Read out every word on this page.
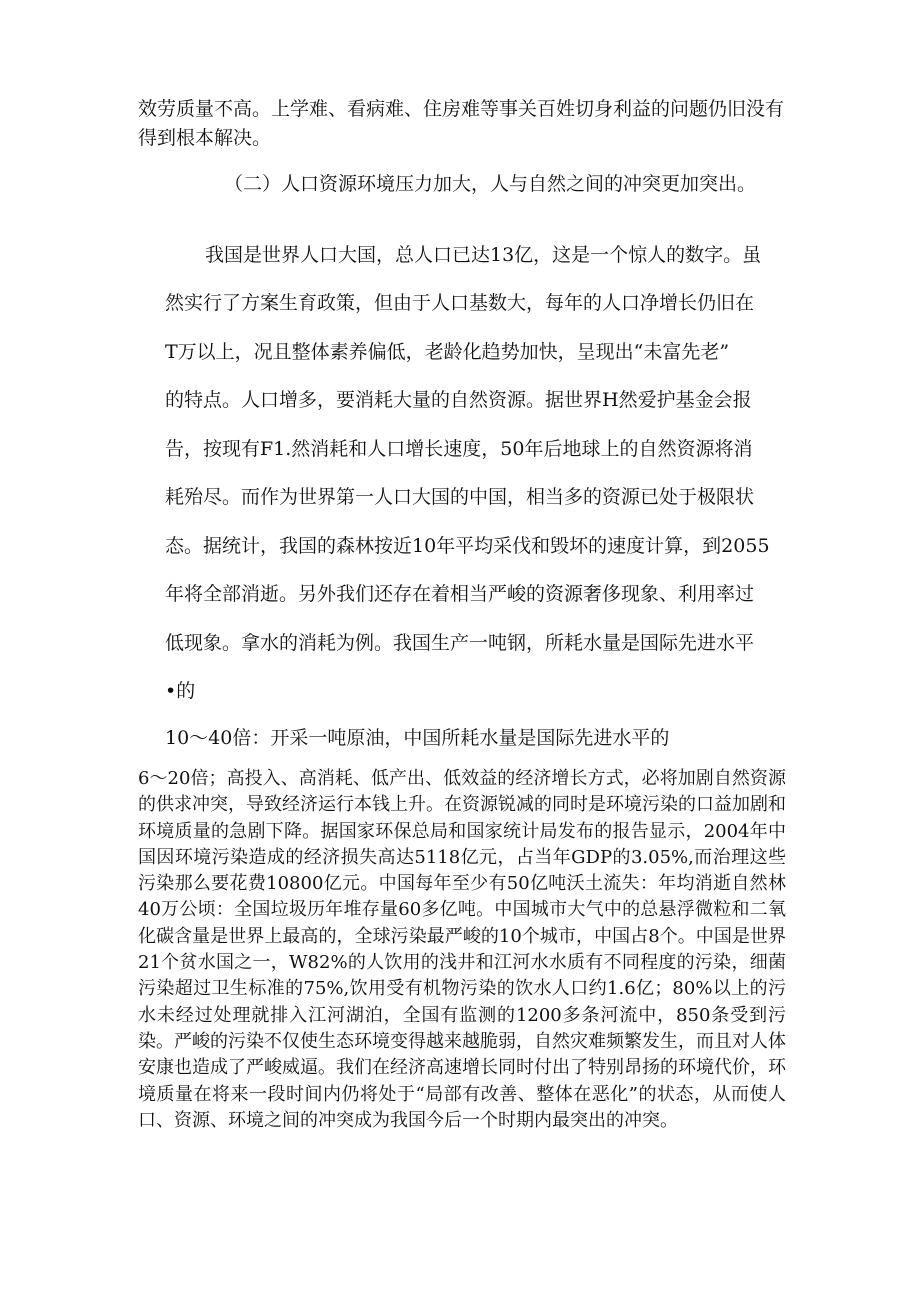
效劳质量不高。上学难、看病难、住房难等事关百姓切身利益的问题仍旧没有得到根本解决。

（二）人口资源环境压力加大，人与自然之间的冲突更加突出。

我国是世界人口大国，总人口已达13亿，这是一个惊人的数字。虽
然实行了方案生育政策，但由于人口基数大，每年的人口净增长仍旧在
T万以上，况且整体素养偏低，老龄化趋势加快，呈现出“未富先老”
的特点。人口增多，要消耗大量的自然资源。据世界H然爱护基金会报
告，按现有F1.然消耗和人口增长速度，50年后地球上的自然资源将消
耗殆尽。而作为世界第一人口大国的中国，相当多的资源已处于极限状
态。据统计，我国的森林按近10年平均采伐和毁坏的速度计算，到2055
年将全部消逝。另外我们还存在着相当严峻的资源奢侈现象、利用率过
低现象。拿水的消耗为例。我国生产一吨钢，所耗水量是国际先进水平
•的
10～40倍：开采一吨原油，中国所耗水量是国际先进水平的

6～20倍；高投入、高消耗、低产出、低效益的经济增长方式，必将加剧自然资源的供求冲突，导致经济运行本钱上升。在资源锐减的同时是环境污染的口益加剧和环境质量的急剧下降。据国家环保总局和国家统计局发布的报告显示，2004年中国因环境污染造成的经济损失高达5118亿元，占当年GDP的3.05%,而治理这些污染那么要花费10800亿元。中国每年至少有50亿吨沃土流失：年均消逝自然林40万公顷：全国垃圾历年堆存量60多亿吨。中国城市大气中的总悬浮微粒和二氧化碳含量是世界上最高的，全球污染最严峻的10个城市，中国占8个。中国是世界21个贫水国之一，W82%的人饮用的浅井和江河水水质有不同程度的污染，细菌污染超过卫生标准的75%,饮用受有机物污染的饮水人口约1.6亿；80%以上的污水未经过处理就排入江河湖泊，全国有监测的1200多条河流中，850条受到污染。严峻的污染不仅使生态环境变得越来越脆弱，自然灾难频繁发生，而且对人体安康也造成了严峻威逼。我们在经济高速增长同时付出了特别昂扬的环境代价，环境质量在将来一段时间内仍将处于“局部有改善、整体在恶化”的状态，从而使人口、资源、环境之间的冲突成为我国今后一个时期内最突出的冲突。
